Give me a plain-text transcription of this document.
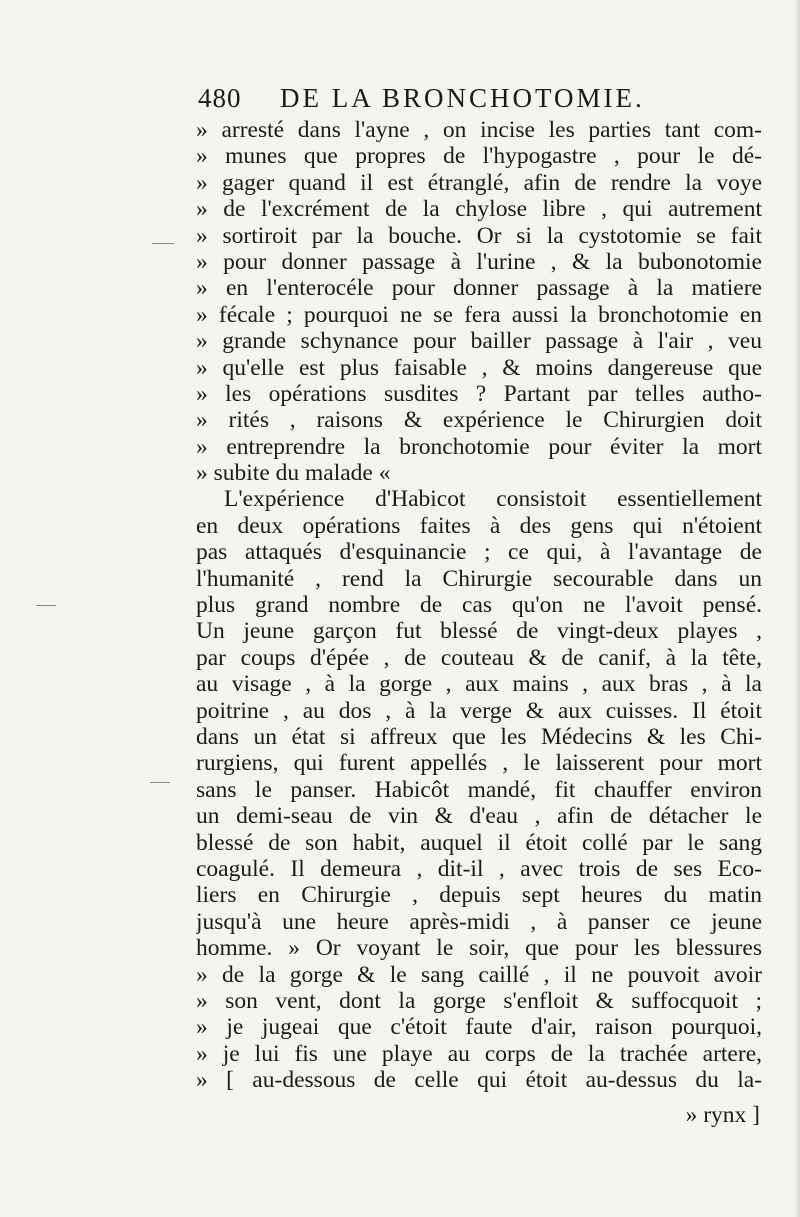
480 DE LA BRONCHOTOMIE.
» arresté dans l'ayne , on incise les parties tant com-
» munes que propres de l'hypogastre , pour le dé-
» gager quand il est étranglé, afin de rendre la voye
» de l'excrément de la chylose libre , qui autrement
» sortiroit par la bouche. Or si la cystotomie se fait
» pour donner passage à l'urine , & la bubonotomie
» en l'enterocéle pour donner passage à la matiere
» fécale ; pourquoi ne se fera aussi la bronchotomie en
» grande schynance pour bailler passage à l'air , veu
» qu'elle est plus faisable , & moins dangereuse que
» les opérations susdites ? Partant par telles autho-
» rités , raisons & expérience le Chirurgien doit
» entreprendre la bronchotomie pour éviter la mort
» subite du malade «
L'expérience d'Habicot consistoit essentiellement
en deux opérations faites à des gens qui n'étoient
pas attaqués d'esquinancie ; ce qui, à l'avantage de
l'humanité , rend la Chirurgie secourable dans un
plus grand nombre de cas qu'on ne l'avoit pensé.
Un jeune garçon fut blessé de vingt-deux playes ,
par coups d'épée , de couteau & de canif, à la tête,
au visage , à la gorge , aux mains , aux bras , à la
poitrine , au dos , à la verge & aux cuisses. Il étoit
dans un état si affreux que les Médecins & les Chi-
rurgiens, qui furent appellés , le laisserent pour mort
sans le panser. Habicôt mandé, fit chauffer environ
un demi-seau de vin & d'eau , afin de détacher le
blessé de son habit, auquel il étoit collé par le sang
coagulé. Il demeura , dit-il , avec trois de ses Eco-
liers en Chirurgie , depuis sept heures du matin
jusqu'à une heure après-midi , à panser ce jeune
homme. » Or voyant le soir, que pour les blessures
» de la gorge & le sang caillé , il ne pouvoit avoir
» son vent, dont la gorge s'enfloit & suffocquoit ;
» je jugeai que c'étoit faute d'air, raison pourquoi,
» je lui fis une playe au corps de la trachée artere,
» [ au-dessous de celle qui étoit au-dessus du la-
» rynx ]
